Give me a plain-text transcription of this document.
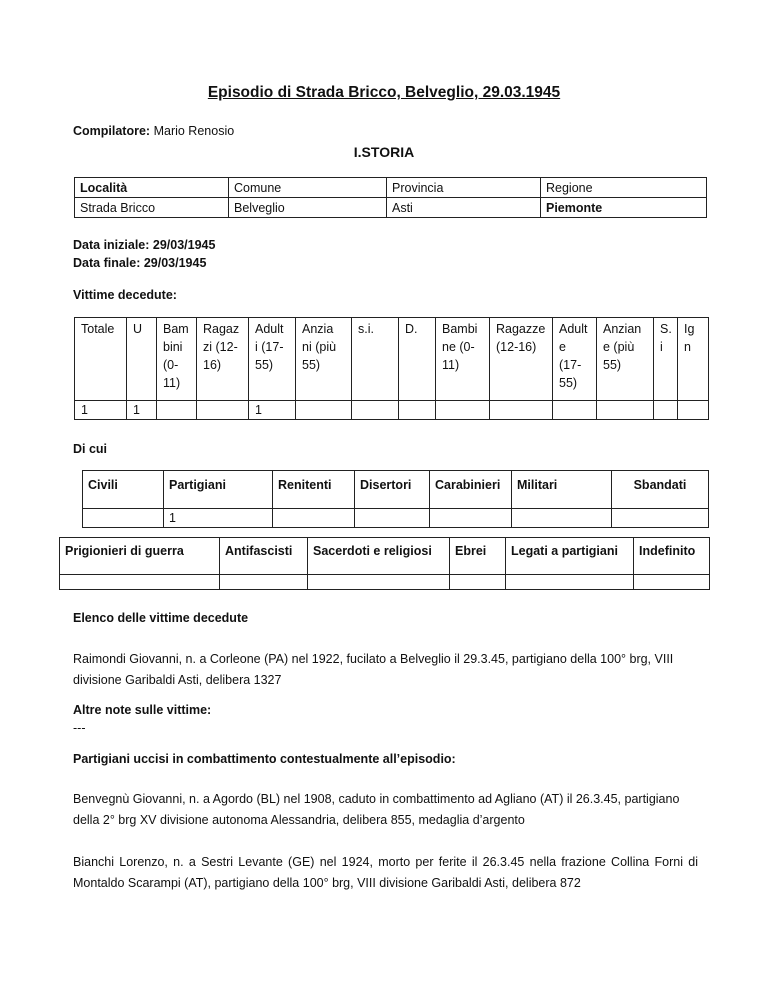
Episodio di Strada Bricco, Belveglio, 29.03.1945
Compilatore: Mario Renosio
I.STORIA
Località	Comune	Provincia	Regione
Strada Bricco	Belveglio	Asti	Piemonte
Data iniziale: 29/03/1945
Data finale: 29/03/1945
Vittime decedute:
Totale	U	Bam bini (0-11)	Ragaz zi (12-16)	Adult i (17-55)	Anzia ni (più 55)	s.i.	D.	Bambi ne (0-11)	Ragazze (12-16)	Adult e (17-55)	Anzian e (più 55)	S. i	Ig n
1	1			1									
Di cui
Civili	Partigiani	Renitenti	Disertori	Carabinieri	Militari	Sbandati
	1					
Prigionieri di guerra	Antifascisti	Sacerdoti e religiosi	Ebrei	Legati a partigiani	Indefinito

Elenco delle vittime decedute
Raimondi Giovanni, n. a Corleone (PA) nel 1922, fucilato a Belveglio il 29.3.45, partigiano della 100° brg, VIII divisione Garibaldi Asti, delibera 1327
Altre note sulle vittime:
---
Partigiani uccisi in combattimento contestualmente all’episodio:
Benvegnù Giovanni, n. a Agordo (BL) nel 1908, caduto in combattimento ad Agliano (AT) il 26.3.45, partigiano della 2° brg XV divisione autonoma Alessandria, delibera 855, medaglia d’argento
Bianchi Lorenzo, n. a Sestri Levante (GE) nel 1924, morto per ferite il 26.3.45 nella frazione Collina Forni di Montaldo Scarampi (AT), partigiano della 100° brg, VIII divisione Garibaldi Asti, delibera 872
